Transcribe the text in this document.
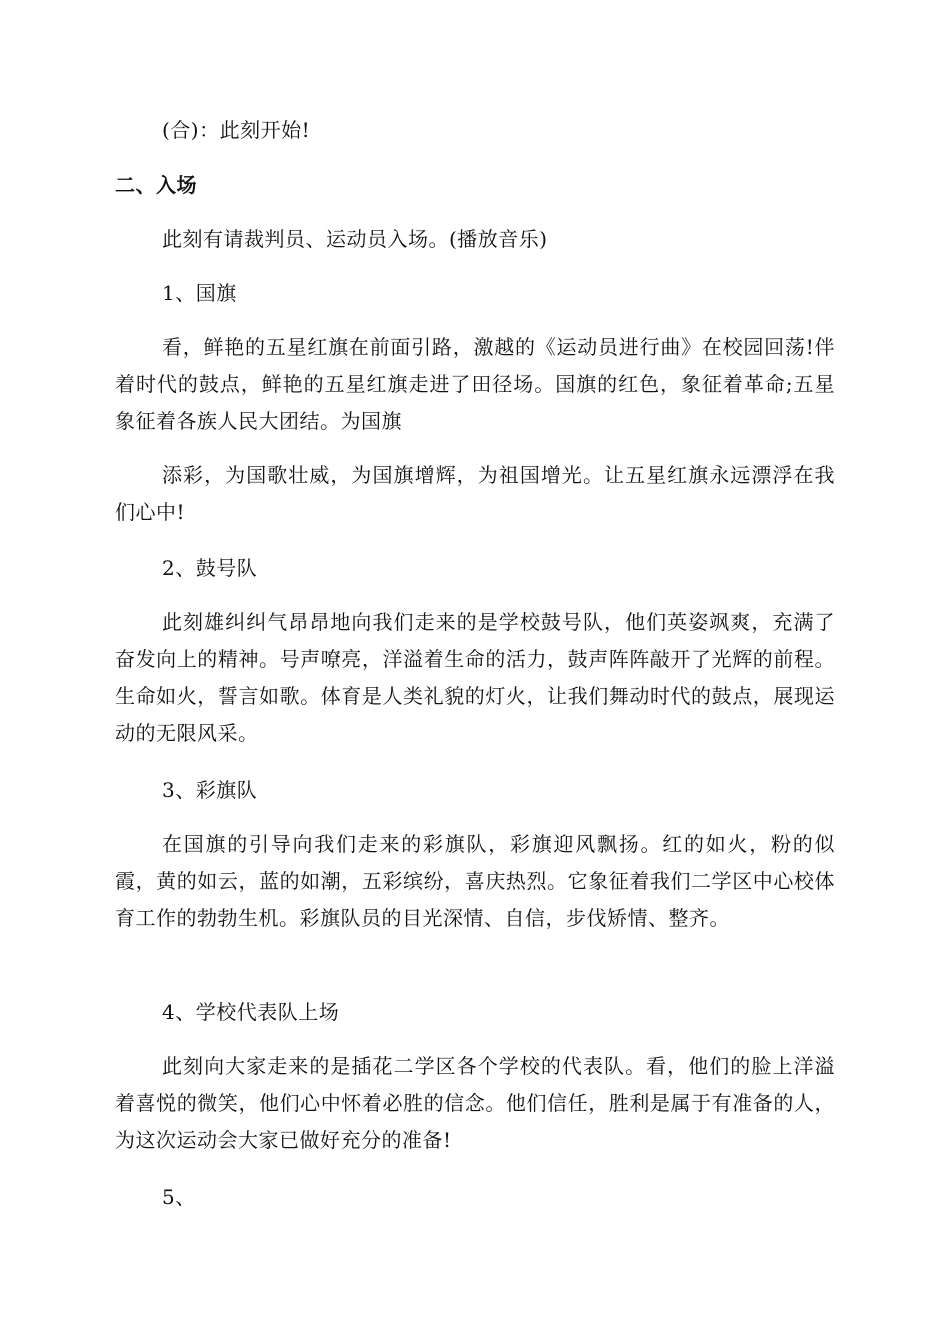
(合)：此刻开始!

二、入场

此刻有请裁判员、运动员入场。(播放音乐)

1、国旗

看，鲜艳的五星红旗在前面引路，激越的《运动员进行曲》在校园回荡!伴着时代的鼓点，鲜艳的五星红旗走进了田径场。国旗的红色，象征着革命;五星象征着各族人民大团结。为国旗

添彩，为国歌壮威，为国旗增辉，为祖国增光。让五星红旗永远漂浮在我们心中!

2、鼓号队

此刻雄纠纠气昂昂地向我们走来的是学校鼓号队，他们英姿飒爽，充满了奋发向上的精神。号声嘹亮，洋溢着生命的活力，鼓声阵阵敲开了光辉的前程。生命如火，誓言如歌。体育是人类礼貌的灯火，让我们舞动时代的鼓点，展现运动的无限风采。

3、彩旗队

在国旗的引导向我们走来的彩旗队，彩旗迎风飘扬。红的如火，粉的似霞，黄的如云，蓝的如潮，五彩缤纷，喜庆热烈。它象征着我们二学区中心校体育工作的勃勃生机。彩旗队员的目光深情、自信，步伐矫情、整齐。

4、学校代表队上场

此刻向大家走来的是插花二学区各个学校的代表队。看，他们的脸上洋溢着喜悦的微笑，他们心中怀着必胜的信念。他们信任，胜利是属于有准备的人，为这次运动会大家已做好充分的准备!

5、
